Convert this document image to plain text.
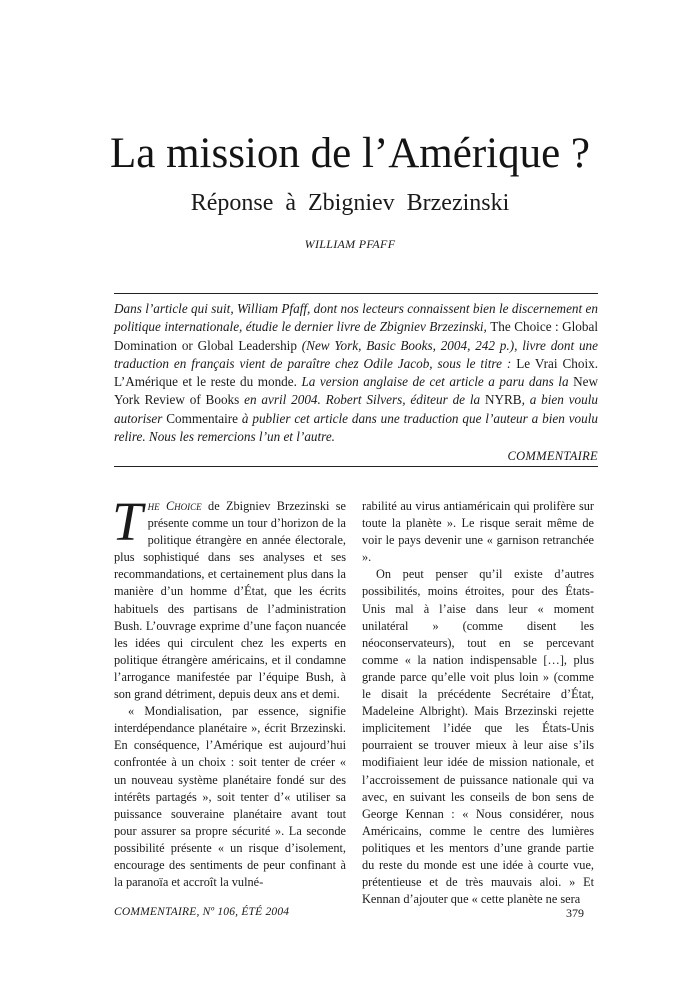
La mission de l’Amérique ?
Réponse à Zbigniev Brzezinski
WILLIAM PFAFF

Dans l’article qui suit, William Pfaff, dont nos lecteurs connaissent bien le discernement en politique internationale, étudie le dernier livre de Zbigniev Brzezinski, The Choice : Global Domination or Global Leadership (New York, Basic Books, 2004, 242 p.), livre dont une traduction en français vient de paraître chez Odile Jacob, sous le titre : Le Vrai Choix. L’Amérique et le reste du monde. La version anglaise de cet article a paru dans la New York Review of Books en avril 2004. Robert Silvers, éditeur de la NYRB, a bien voulu autoriser Commentaire à publier cet article dans une traduction que l’auteur a bien voulu relire. Nous les remercions l’un et l’autre.

COMMENTAIRE

The Choice de Zbigniev Brzezinski se présente comme un tour d’horizon de la politique étrangère en année électorale, plus sophistiqué dans ses analyses et ses recommandations, et certainement plus dans la manière d’un homme d’État, que les écrits habituels des partisans de l’administration Bush. L’ouvrage exprime d’une façon nuancée les idées qui circulent chez les experts en politique étrangère américains, et il condamne l’arrogance manifestée par l’équipe Bush, à son grand détriment, depuis deux ans et demi.

« Mondialisation, par essence, signifie interdépendance planétaire », écrit Brzezinski. En conséquence, l’Amérique est aujourd’hui confrontée à un choix : soit tenter de créer « un nouveau système planétaire fondé sur des intérêts partagés », soit tenter d’« utiliser sa puissance souveraine planétaire avant tout pour assurer sa propre sécurité ». La seconde possibilité présente « un risque d’isolement, encourage des sentiments de peur confinant à la paranoïa et accroît la vulné-

rabilité au virus antiaméricain qui prolifère sur toute la planète ». Le risque serait même de voir le pays devenir une « garnison retranchée ».

On peut penser qu’il existe d’autres possibilités, moins étroites, pour des États-Unis mal à l’aise dans leur « moment unilatéral » (comme disent les néoconservateurs), tout en se percevant comme « la nation indispensable […], plus grande parce qu’elle voit plus loin » (comme le disait la précédente Secrétaire d’État, Madeleine Albright). Mais Brzezinski rejette implicitement l’idée que les États-Unis pourraient se trouver mieux à leur aise s’ils modifiaient leur idée de mission nationale, et l’accroissement de puissance nationale qui va avec, en suivant les conseils de bon sens de George Kennan : « Nous considérer, nous Américains, comme le centre des lumières politiques et les mentors d’une grande partie du reste du monde est une idée à courte vue, prétentieuse et de très mauvais aloi. » Et Kennan d’ajouter que « cette planète ne sera

COMMENTAIRE, Nº 106, ÉTÉ 2004	379
